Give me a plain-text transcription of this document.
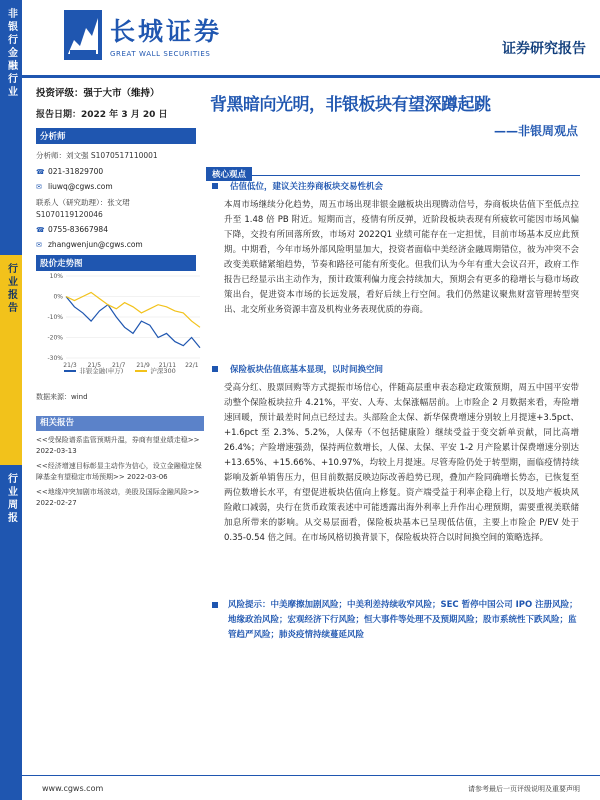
非银行金融行业
行业报告
行业周报
长城证券
GREAT WALL SECURITIES	证券研究报告
投资评级：强于大市（维持）
报告日期：2022 年 3 月 20 日
分析师
分析师：刘文强 S1070517110001
☎ 021-31829700
✉ liuwq@cgws.com
联系人（研究助理）：张文珺
S1070119120046
☎ 0755-83667984
✉ zhangwenjun@cgws.com
股价走势图
10%
0%
-10%
-20%
-30%
21/3 21/5 21/7 21/9 21/11 22/1
非银金融(申万)	沪深300
数据来源：wind
相关报告
<<受保险谱系监管预期升温，券商有望业绩走稳>> 2022-03-13
<<经济增速目标彰显主动作为信心，设立金融稳定保障基金有望稳定市场预期>> 2022-03-06
<<地缘冲突加剧市场波动，美股及国际金融风险>> 2022-02-27
背黑暗向光明，非银板块有望深蹲起跳
——非银周观点
核心观点
估值低位，建议关注券商板块交易性机会
本周市场继续分化趋势，周五市场出现非银金融板块出现腾动信号，券商板块估值下至低点拉升至 1.48 倍 PB 附近。短期而言，疫情有所反弹，近阶段板块表现有所疲软可能因市场风偏下降，交投有所回落所致，市场对 2022Q1 业绩可能存在一定担忧，目前市场基本反应此预期。中期看，今年市场外部风险明显加大，投资者面临中美经济金融周期错位，彼为冲突不会改变美联储紧缩趋势，节奏和路径可能有所变化。但我们认为今年有重大会议召开，政府工作报告已经显示出主动作为，预计政策利偏力度会持续加大，预期会有更多的稳增长与稳市场政策出台，促进资本市场的长远发展，看好后续上行空间。我们仍然建议聚焦财富管理转型突出、北交所业务资源丰富及机构业务表现优质的券商。
保险板块估值底基本显现，以时间换空间
受高分红、股票回购等方式提振市场信心，伴随高层重申表态稳定政策预期，周五中国平安带动整个保险板块拉升 4.21%，平安、人寿、太保涨幅居前。上市险企 2 月数据来看，寿险增速回暖，预计最差时间点已经过去。头部险企太保、新华保费增速分别较上月提速+3.5pct、+1.6pct 至 2.3%、5.2%，人保寿（不包括健康险）继续受益于变交新单贡献，同比高增 26.4%；产险增速强劲，保持两位数增长，人保、太保、平安 1-2 月产险累计保费增速分别达+13.65%、+15.66%、+10.97%，均较上月提速。尽管寿险仍处于转型期，面临疫情持续影响及新单销售压力，但目前数据反映边际改善趋势已现，叠加产险同确增长势态，已恢复至两位数增长水平，有望促进板块估值向上修复。资产端受益于利率企稳上行，以及地产板块风险敞口减弱，央行在货币政策表述中可能透露出海外利率上升作出心理预期，需要重视美联储加息所带来的影响。从交易层面看，保险板块基本已呈现低估值，主要上市险企 P/EV 处于 0.35-0.54 倍之间。在市场风格切换背景下，保险板块符合以时间换空间的策略选择。
风险提示：中美摩擦加剧风险；中美利差持续收窄风险；SEC 暂停中国公司 IPO 注册风险；地缘政治风险；宏观经济下行风险；恒大事件等处理不及预期风险；股市系统性下跌风险；监管趋严风险；肺炎疫情持续蔓延风险
www.cgws.com	请参考最后一页评级说明及重要声明
